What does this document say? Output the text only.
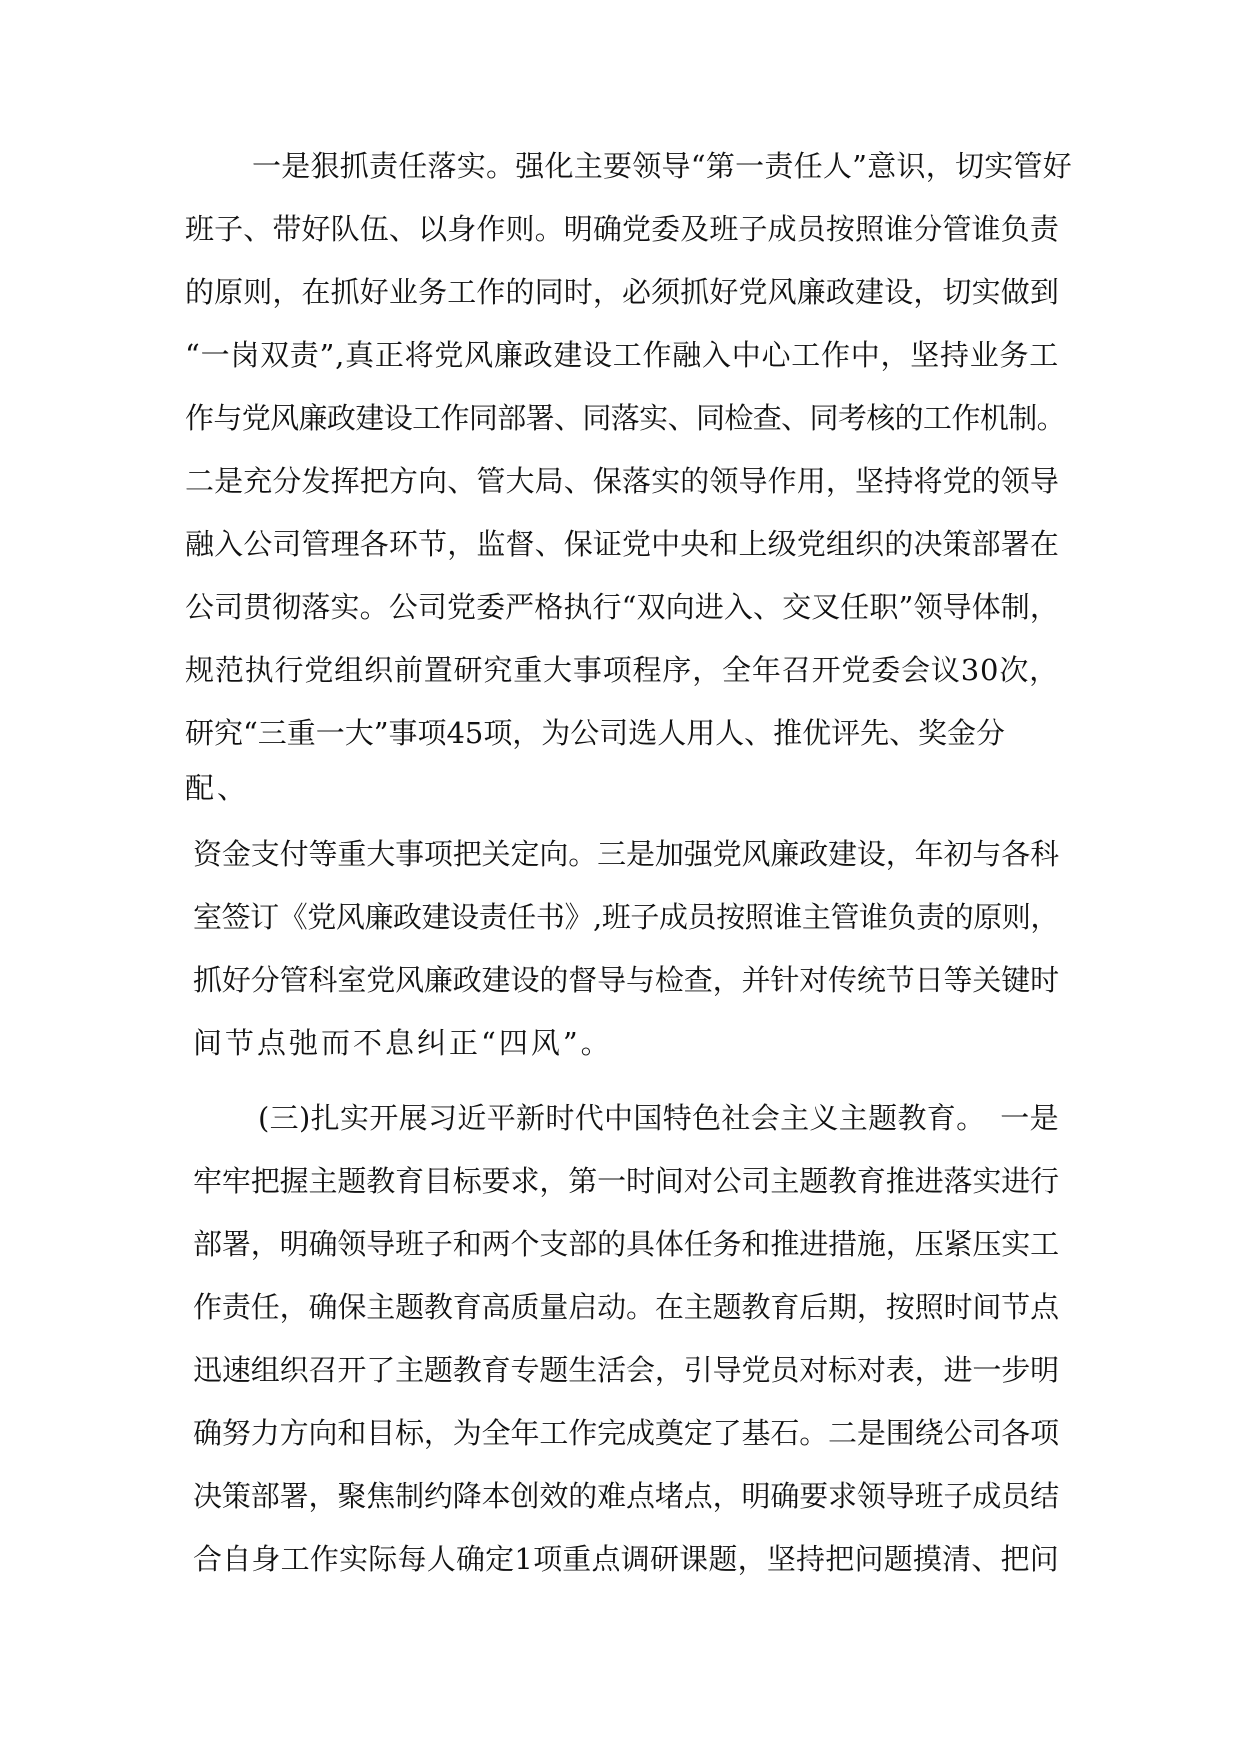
一是狠抓责任落实。强化主要领导“第一责任人”意识，切实管好
班子、带好队伍、以身作则。明确党委及班子成员按照谁分管谁负责
的原则，在抓好业务工作的同时，必须抓好党风廉政建设，切实做到
“一岗双责”,真正将党风廉政建设工作融入中心工作中，坚持业务工
作与党风廉政建设工作同部署、同落实、同检查、同考核的工作机制。
二是充分发挥把方向、管大局、保落实的领导作用，坚持将党的领导
融入公司管理各环节，监督、保证党中央和上级党组织的决策部署在
公司贯彻落实。公司党委严格执行“双向进入、交叉任职”领导体制，
规范执行党组织前置研究重大事项程序，全年召开党委会议30次，
研究“三重一大”事项45项，为公司选人用人、推优评先、奖金分
配、
资金支付等重大事项把关定向。三是加强党风廉政建设，年初与各科
室签订《党风廉政建设责任书》,班子成员按照谁主管谁负责的原则，
抓好分管科室党风廉政建设的督导与检查，并针对传统节日等关键时
间节点弛而不息纠正“四风”。
(三)扎实开展习近平新时代中国特色社会主义主题教育。　一是
牢牢把握主题教育目标要求，第一时间对公司主题教育推进落实进行
部署，明确领导班子和两个支部的具体任务和推进措施，压紧压实工
作责任，确保主题教育高质量启动。在主题教育后期，按照时间节点
迅速组织召开了主题教育专题生活会，引导党员对标对表，进一步明
确努力方向和目标，为全年工作完成奠定了基石。二是围绕公司各项
决策部署，聚焦制约降本创效的难点堵点，明确要求领导班子成员结
合自身工作实际每人确定1项重点调研课题，坚持把问题摸清、把问
